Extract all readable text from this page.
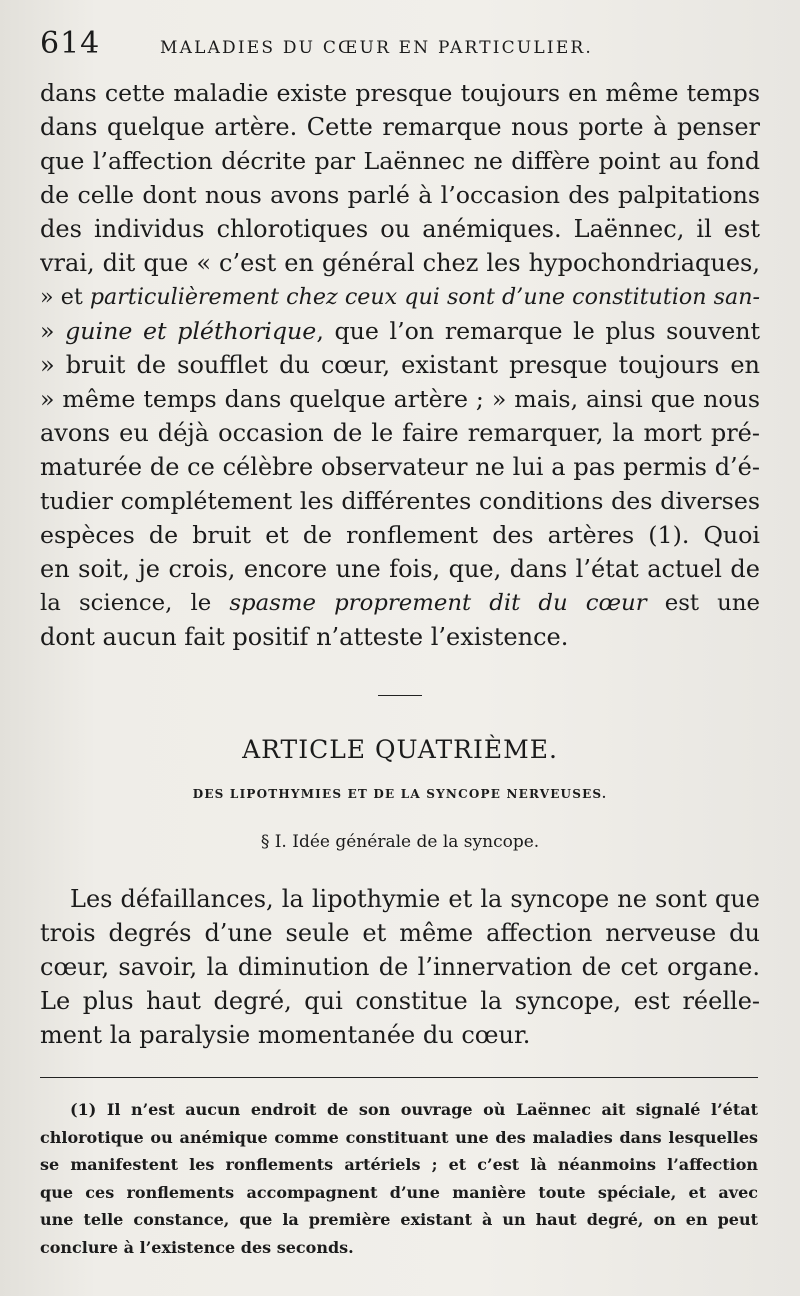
614	MALADIES DU CŒUR EN PARTICULIER.
dans cette maladie existe presque toujours en même temps
dans quelque artère. Cette remarque nous porte à penser
que l’affection décrite par Laënnec ne diffère point au fond
de celle dont nous avons parlé à l’occasion des palpitations
des individus chlorotiques ou anémiques. Laënnec, il est
vrai, dit que « c’est en général chez les hypochondriaques,
» et particulièrement chez ceux qui sont d’une constitution san-
» guine et pléthorique, que l’on remarque le plus souvent
» bruit de soufflet du cœur, existant presque toujours en
» même temps dans quelque artère ; » mais, ainsi que nous
avons eu déjà occasion de le faire remarquer, la mort pré-
maturée de ce célèbre observateur ne lui a pas permis d’é-
tudier complétement les différentes conditions des diverses
espèces de bruit et de ronflement des artères (1). Quoi
en soit, je crois, encore une fois, que, dans l’état actuel de
la science, le spasme proprement dit du cœur est une
dont aucun fait positif n’atteste l’existence.
ARTICLE QUATRIÈME.
DES LIPOTHYMIES ET DE LA SYNCOPE NERVEUSES.
§ I. Idée générale de la syncope.
Les défaillances, la lipothymie et la syncope ne sont que
trois degrés d’une seule et même affection nerveuse du
cœur, savoir, la diminution de l’innervation de cet organe.
Le plus haut degré, qui constitue la syncope, est réelle-
ment la paralysie momentanée du cœur.
(1) Il n’est aucun endroit de son ouvrage où Laënnec ait signalé l’état
chlorotique ou anémique comme constituant une des maladies dans lesquelles
se manifestent les ronflements artériels ; et c’est là néanmoins l’affection
que ces ronflements accompagnent d’une manière toute spéciale, et avec
une telle constance, que la première existant à un haut degré, on en peut
conclure à l’existence des seconds.
